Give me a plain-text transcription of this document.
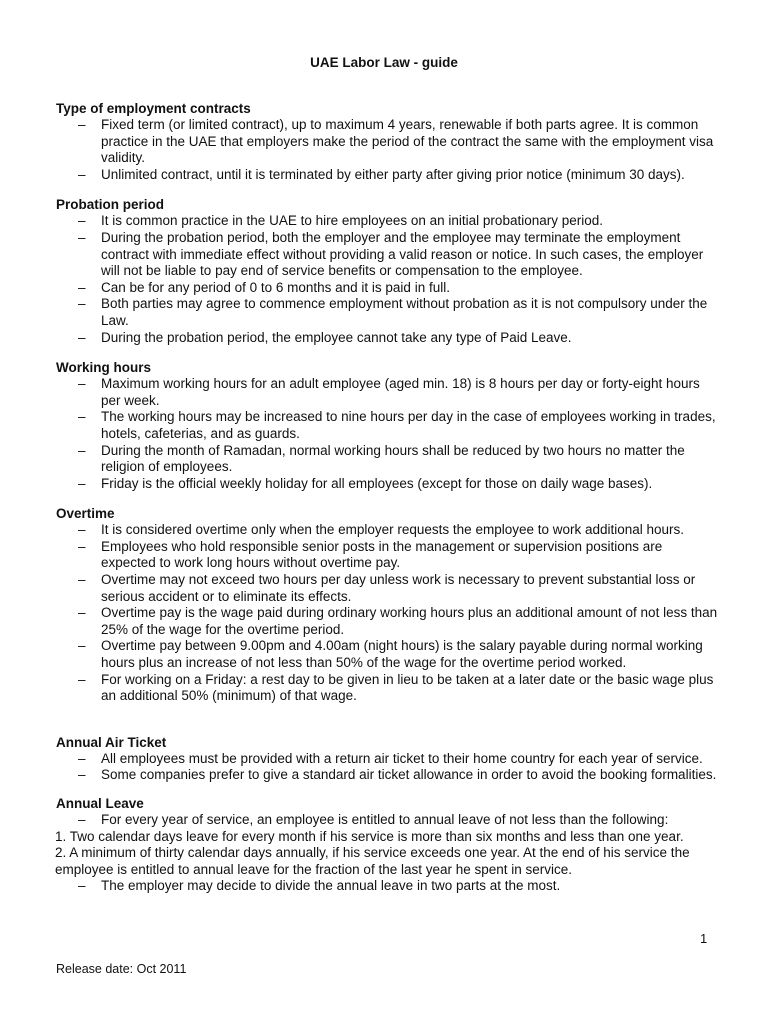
UAE Labor Law - guide
Type of employment contracts
– Fixed term (or limited contract), up to maximum 4 years, renewable if both parts agree. It is common practice in the UAE that employers make the period of the contract the same with the employment visa validity.
– Unlimited contract, until it is terminated by either party after giving prior notice (minimum 30 days).
Probation period
– It is common practice in the UAE to hire employees on an initial probationary period.
– During the probation period, both the employer and the employee may terminate the employment contract with immediate effect without providing a valid reason or notice. In such cases, the employer will not be liable to pay end of service benefits or compensation to the employee.
– Can be for any period of 0 to 6 months and it is paid in full.
– Both parties may agree to commence employment without probation as it is not compulsory under the Law.
– During the probation period, the employee cannot take any type of Paid Leave.
Working hours
– Maximum working hours for an adult employee (aged min. 18) is 8 hours per day or forty-eight hours per week.
– The working hours may be increased to nine hours per day in the case of employees working in trades, hotels, cafeterias, and as guards.
– During the month of Ramadan, normal working hours shall be reduced by two hours no matter the religion of employees.
– Friday is the official weekly holiday for all employees (except for those on daily wage bases).
Overtime
– It is considered overtime only when the employer requests the employee to work additional hours.
– Employees who hold responsible senior posts in the management or supervision positions are expected to work long hours without overtime pay.
– Overtime may not exceed two hours per day unless work is necessary to prevent substantial loss or serious accident or to eliminate its effects.
– Overtime pay is the wage paid during ordinary working hours plus an additional amount of not less than 25% of the wage for the overtime period.
– Overtime pay between 9.00pm and 4.00am (night hours) is the salary payable during normal working hours plus an increase of not less than 50% of the wage for the overtime period worked.
– For working on a Friday: a rest day to be given in lieu to be taken at a later date or the basic wage plus an additional 50% (minimum) of that wage.
Annual Air Ticket
– All employees must be provided with a return air ticket to their home country for each year of service.
– Some companies prefer to give a standard air ticket allowance in order to avoid the booking formalities.
Annual Leave
– For every year of service, an employee is entitled to annual leave of not less than the following:

1. Two calendar days leave for every month if his service is more than six months and less than one year.

2. A minimum of thirty calendar days annually, if his service exceeds one year. At the end of his service the employee is entitled to annual leave for the fraction of the last year he spent in service.

– The employer may decide to divide the annual leave in two parts at the most.
1
Release date: Oct 2011
